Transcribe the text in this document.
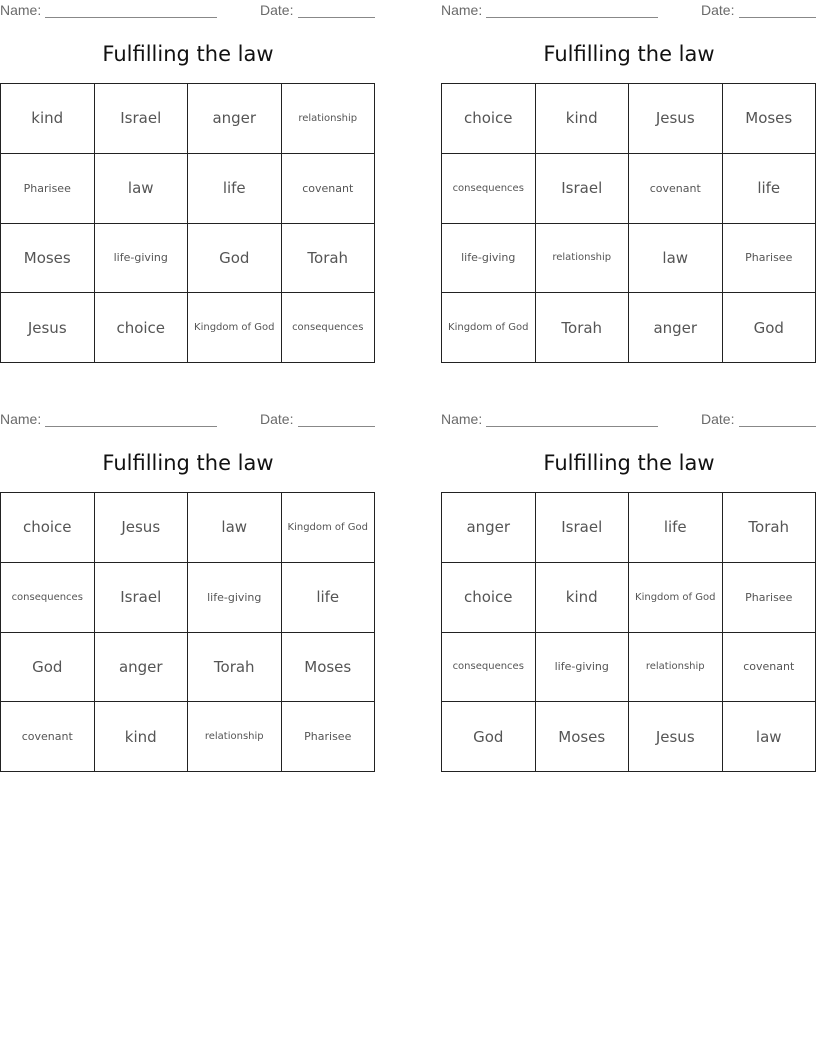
Name:	Date:
Fulfilling the law
kind	Israel	anger	relationship
Pharisee	law	life	covenant
Moses	life-giving	God	Torah
Jesus	choice	Kingdom of God	consequences
Name:	Date:
Fulfilling the law
choice	kind	Jesus	Moses
consequences	Israel	covenant	life
life-giving	relationship	law	Pharisee
Kingdom of God	Torah	anger	God
Name:	Date:
Fulfilling the law
choice	Jesus	law	Kingdom of God
consequences	Israel	life-giving	life
God	anger	Torah	Moses
covenant	kind	relationship	Pharisee
Name:	Date:
Fulfilling the law
anger	Israel	life	Torah
choice	kind	Kingdom of God	Pharisee
consequences	life-giving	relationship	covenant
God	Moses	Jesus	law
